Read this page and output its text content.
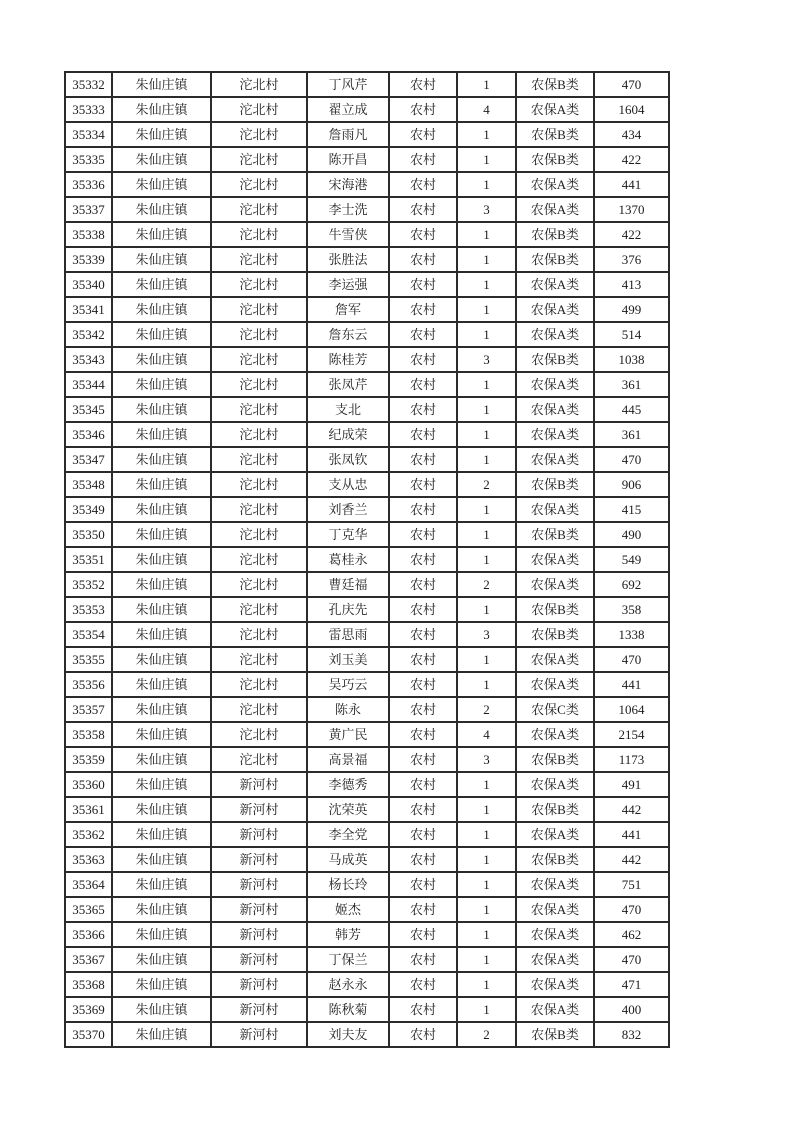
35332	朱仙庄镇	沱北村	丁风芹	农村	1	农保B类	470
35333	朱仙庄镇	沱北村	翟立成	农村	4	农保A类	1604
35334	朱仙庄镇	沱北村	詹雨凡	农村	1	农保B类	434
35335	朱仙庄镇	沱北村	陈开昌	农村	1	农保B类	422
35336	朱仙庄镇	沱北村	宋海港	农村	1	农保A类	441
35337	朱仙庄镇	沱北村	李士洗	农村	3	农保A类	1370
35338	朱仙庄镇	沱北村	牛雪侠	农村	1	农保B类	422
35339	朱仙庄镇	沱北村	张胜法	农村	1	农保B类	376
35340	朱仙庄镇	沱北村	李运强	农村	1	农保A类	413
35341	朱仙庄镇	沱北村	詹军	农村	1	农保A类	499
35342	朱仙庄镇	沱北村	詹东云	农村	1	农保A类	514
35343	朱仙庄镇	沱北村	陈桂芳	农村	3	农保B类	1038
35344	朱仙庄镇	沱北村	张凤芹	农村	1	农保A类	361
35345	朱仙庄镇	沱北村	支北	农村	1	农保A类	445
35346	朱仙庄镇	沱北村	纪成荣	农村	1	农保A类	361
35347	朱仙庄镇	沱北村	张凤钦	农村	1	农保A类	470
35348	朱仙庄镇	沱北村	支从忠	农村	2	农保B类	906
35349	朱仙庄镇	沱北村	刘香兰	农村	1	农保A类	415
35350	朱仙庄镇	沱北村	丁克华	农村	1	农保B类	490
35351	朱仙庄镇	沱北村	葛桂永	农村	1	农保A类	549
35352	朱仙庄镇	沱北村	曹廷福	农村	2	农保A类	692
35353	朱仙庄镇	沱北村	孔庆先	农村	1	农保B类	358
35354	朱仙庄镇	沱北村	雷思雨	农村	3	农保B类	1338
35355	朱仙庄镇	沱北村	刘玉美	农村	1	农保A类	470
35356	朱仙庄镇	沱北村	吴巧云	农村	1	农保A类	441
35357	朱仙庄镇	沱北村	陈永	农村	2	农保C类	1064
35358	朱仙庄镇	沱北村	黄广民	农村	4	农保A类	2154
35359	朱仙庄镇	沱北村	高景福	农村	3	农保B类	1173
35360	朱仙庄镇	新河村	李德秀	农村	1	农保A类	491
35361	朱仙庄镇	新河村	沈荣英	农村	1	农保B类	442
35362	朱仙庄镇	新河村	李全党	农村	1	农保A类	441
35363	朱仙庄镇	新河村	马成英	农村	1	农保B类	442
35364	朱仙庄镇	新河村	杨长玲	农村	1	农保A类	751
35365	朱仙庄镇	新河村	姬杰	农村	1	农保A类	470
35366	朱仙庄镇	新河村	韩芳	农村	1	农保A类	462
35367	朱仙庄镇	新河村	丁保兰	农村	1	农保A类	470
35368	朱仙庄镇	新河村	赵永永	农村	1	农保A类	471
35369	朱仙庄镇	新河村	陈秋菊	农村	1	农保A类	400
35370	朱仙庄镇	新河村	刘夫友	农村	2	农保B类	832
